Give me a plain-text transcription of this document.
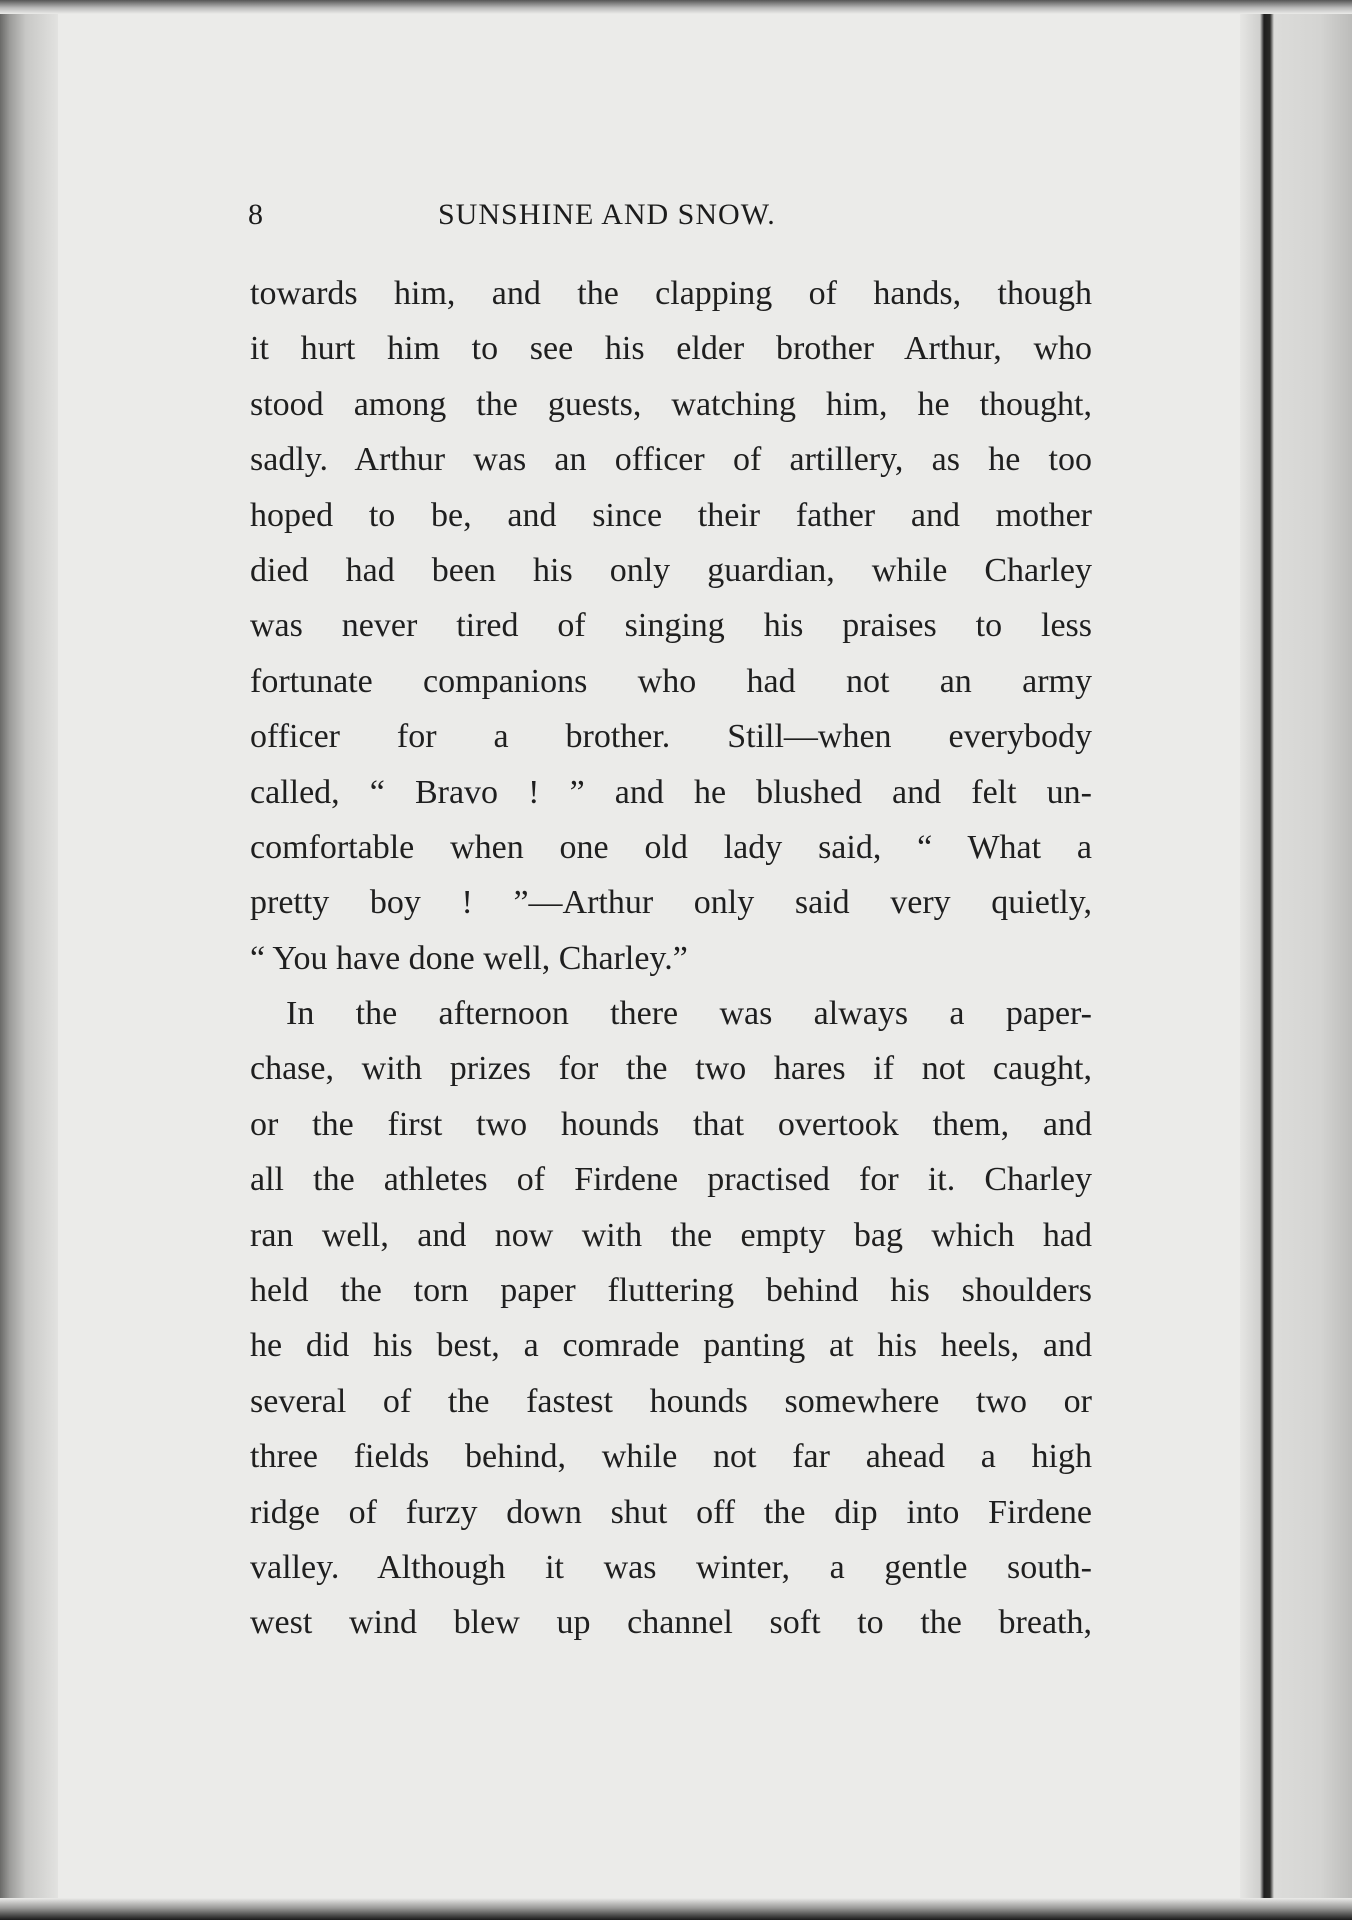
8	SUNSHINE AND SNOW.
towards him, and the clapping of hands, though
it hurt him to see his elder brother Arthur, who
stood among the guests, watching him, he thought,
sadly. Arthur was an officer of artillery, as he too
hoped to be, and since their father and mother
died had been his only guardian, while Charley
was never tired of singing his praises to less
fortunate companions who had not an army
officer for a brother. Still—when everybody
called, “ Bravo ! ” and he blushed and felt un-
comfortable when one old lady said, “ What a
pretty boy ! ”—Arthur only said very quietly,
“ You have done well, Charley.”
In the afternoon there was always a paper-
chase, with prizes for the two hares if not caught,
or the first two hounds that overtook them, and
all the athletes of Firdene practised for it. Charley
ran well, and now with the empty bag which had
held the torn paper fluttering behind his shoulders
he did his best, a comrade panting at his heels, and
several of the fastest hounds somewhere two or
three fields behind, while not far ahead a high
ridge of furzy down shut off the dip into Firdene
valley. Although it was winter, a gentle south-
west wind blew up channel soft to the breath,
